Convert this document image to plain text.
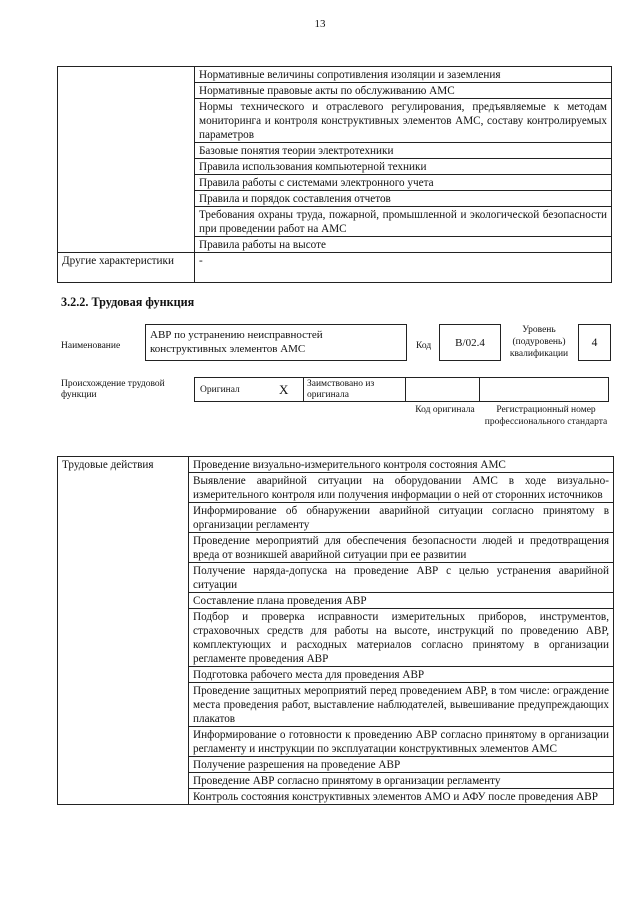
13
	Нормативные величины сопротивления изоляции и заземления
	Нормативные правовые акты по обслуживанию АМС
	Нормы технического и отраслевого регулирования, предъявляемые к методам мониторинга и контроля конструктивных элементов АМС, составу контролируемых параметров
	Базовые понятия теории электротехники
	Правила использования компьютерной техники
	Правила работы с системами электронного учета
	Правила и порядок составления отчетов
	Требования охраны труда, пожарной, промышленной и экологической безопасности при проведении работ на АМС
	Правила работы на высоте
Другие характеристики	-
3.2.2. Трудовая функция
Наименование
АВР по устранению неисправностей конструктивных элементов АМС	Код	B/02.4
Уровень (подуровень) квалификации
4
Происхождение трудовой функции	Оригинал	X	Заимствовано из оригинала
Код оригинала	Регистрационный номер профессионального стандарта
Трудовые действия	Проведение визуально-измерительного контроля состояния АМС
Выявление аварийной ситуации на оборудовании АМС в ходе визуально-измерительного контроля или получения информации о ней от сторонних источников
Информирование об обнаружении аварийной ситуации согласно принятому в организации регламенту
Проведение мероприятий для обеспечения безопасности людей и предотвращения вреда от возникшей аварийной ситуации при ее развитии
Получение наряда-допуска на проведение АВР с целью устранения аварийной ситуации
Составление плана проведения АВР
Подбор и проверка исправности измерительных приборов, инструментов, страховочных средств для работы на высоте, инструкций по проведению АВР, комплектующих и расходных материалов согласно принятому в организации регламенте проведения АВР
Подготовка рабочего места для проведения АВР
Проведение защитных мероприятий перед проведением АВР, в том числе: ограждение места проведения работ, выставление наблюдателей, вывешивание предупреждающих плакатов
Информирование о готовности к проведению АВР согласно принятому в организации регламенту и инструкции по эксплуатации конструктивных элементов АМС
Получение разрешения на проведение АВР
Проведение АВР согласно принятому в организации регламенту
Контроль состояния конструктивных элементов АМО и АФУ после проведения АВР
